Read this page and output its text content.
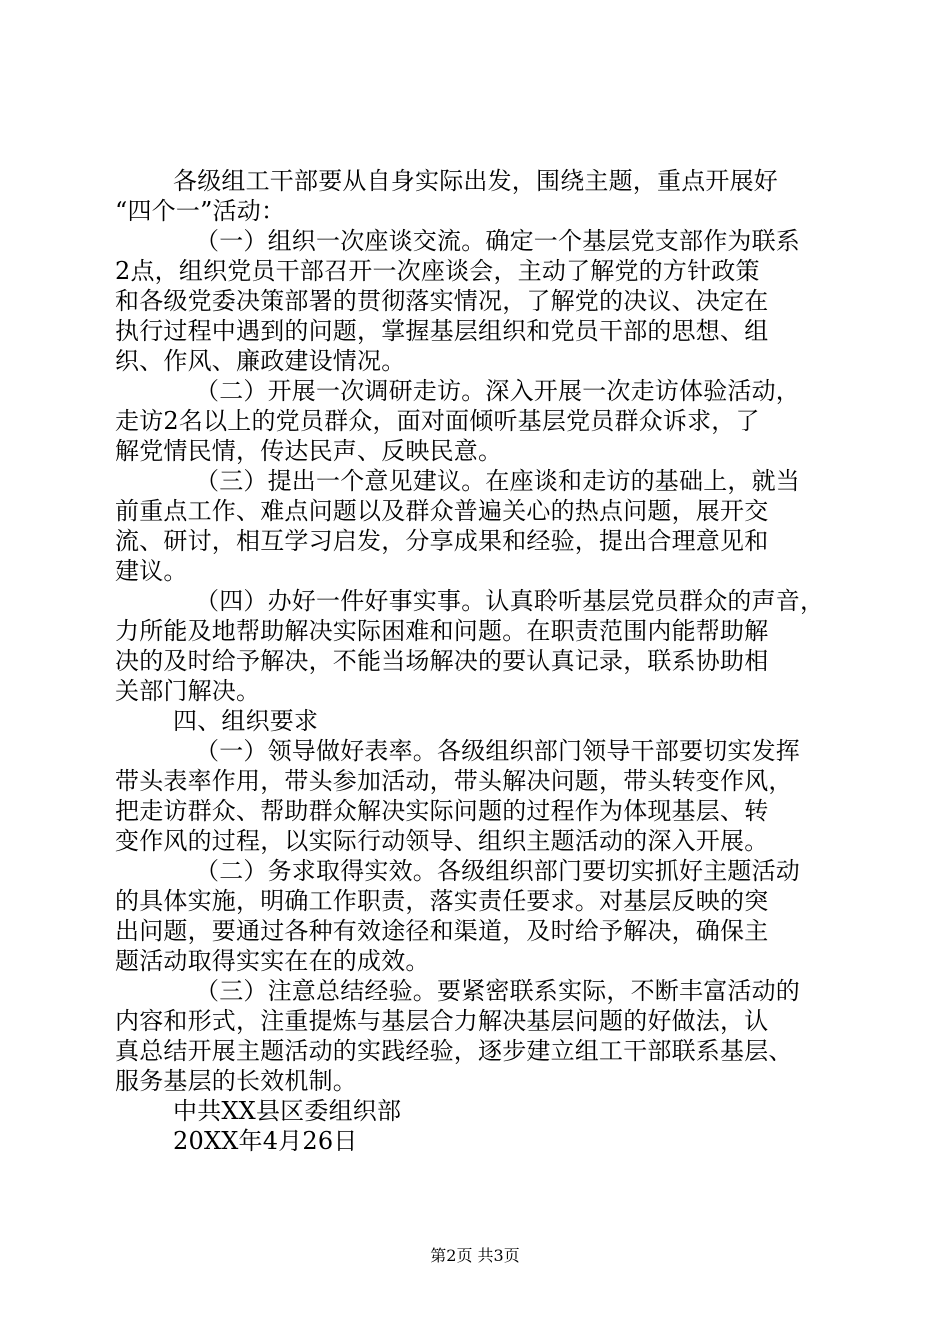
各级组工干部要从自身实际出发，围绕主题，重点开展好
“四个一”活动：
（一）组织一次座谈交流。确定一个基层党支部作为联系
2点，组织党员干部召开一次座谈会，主动了解党的方针政策
和各级党委决策部署的贯彻落实情况，了解党的决议、决定在
执行过程中遇到的问题，掌握基层组织和党员干部的思想、组
织、作风、廉政建设情况。
（二）开展一次调研走访。深入开展一次走访体验活动，
走访2名以上的党员群众，面对面倾听基层党员群众诉求，了
解党情民情，传达民声、反映民意。
（三）提出一个意见建议。在座谈和走访的基础上，就当
前重点工作、难点问题以及群众普遍关心的热点问题，展开交
流、研讨，相互学习启发，分享成果和经验，提出合理意见和
建议。
（四）办好一件好事实事。认真聆听基层党员群众的声音，
力所能及地帮助解决实际困难和问题。在职责范围内能帮助解
决的及时给予解决，不能当场解决的要认真记录，联系协助相
关部门解决。
四、组织要求
（一）领导做好表率。各级组织部门领导干部要切实发挥
带头表率作用，带头参加活动，带头解决问题，带头转变作风，
把走访群众、帮助群众解决实际问题的过程作为体现基层、转
变作风的过程，以实际行动领导、组织主题活动的深入开展。
（二）务求取得实效。各级组织部门要切实抓好主题活动
的具体实施，明确工作职责，落实责任要求。对基层反映的突
出问题，要通过各种有效途径和渠道，及时给予解决，确保主
题活动取得实实在在的成效。
（三）注意总结经验。要紧密联系实际，不断丰富活动的
内容和形式，注重提炼与基层合力解决基层问题的好做法，认
真总结开展主题活动的实践经验，逐步建立组工干部联系基层、
服务基层的长效机制。
中共XX县区委组织部
20XX年4月26日
第2页 共3页
